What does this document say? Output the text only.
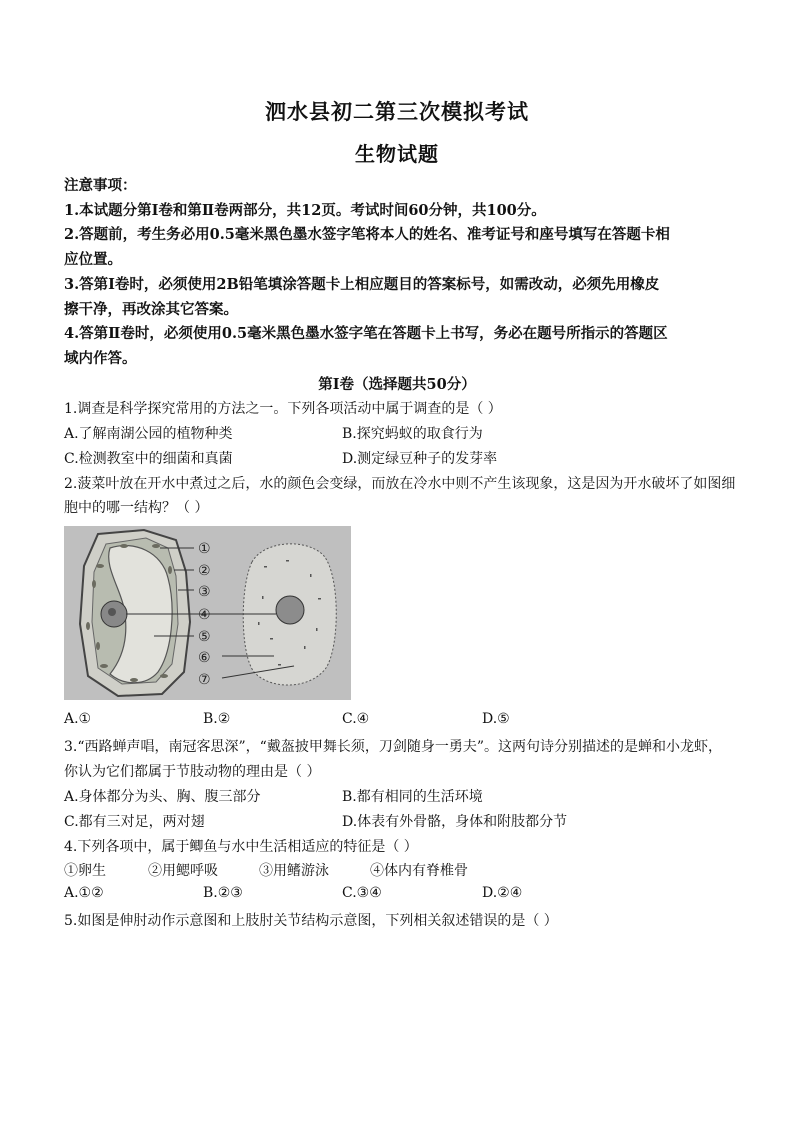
泗水县初二第三次模拟考试
生物试题
注意事项：
1.本试题分第Ⅰ卷和第Ⅱ卷两部分，共12页。考试时间60分钟，共100分。
2.答题前，考生务必用0.5毫米黑色墨水签字笔将本人的姓名、准考证号和座号填写在答题卡相
应位置。
3.答第Ⅰ卷时，必须使用2B铅笔填涂答题卡上相应题目的答案标号，如需改动，必须先用橡皮
擦干净，再改涂其它答案。
4.答第Ⅱ卷时，必须使用0.5毫米黑色墨水签字笔在答题卡上书写，务必在题号所指示的答题区
域内作答。
第Ⅰ卷（选择题共50分）
1.调查是科学探究常用的方法之一。下列各项活动中属于调查的是（ ）
A.了解南湖公园的植物种类	B.探究蚂蚁的取食行为
C.检测教室中的细菌和真菌	D.测定绿豆种子的发芽率
2.菠菜叶放在开水中煮过之后，水的颜色会变绿，而放在冷水中则不产生该现象，这是因为开水破坏了如图细
胞中的哪一结构？（ ）
①
②
③
④
⑤
⑥
⑦
A.①	B.②	C.④	D.⑤
3.“西路蝉声唱，南冠客思深”，“戴盔披甲舞长须，刀剑随身一勇夫”。这两句诗分别描述的是蝉和小龙虾，
你认为它们都属于节肢动物的理由是（ ）
A.身体都分为头、胸、腹三部分	B.都有相同的生活环境
C.都有三对足，两对翅	D.体表有外骨骼，身体和附肢都分节
4.下列各项中，属于鲫鱼与水中生活相适应的特征是（ ）
①卵生	②用鳃呼吸	③用鳍游泳	④体内有脊椎骨
A.①②	B.②③	C.③④	D.②④
5.如图是伸肘动作示意图和上肢肘关节结构示意图，下列相关叙述错误的是（ ）
